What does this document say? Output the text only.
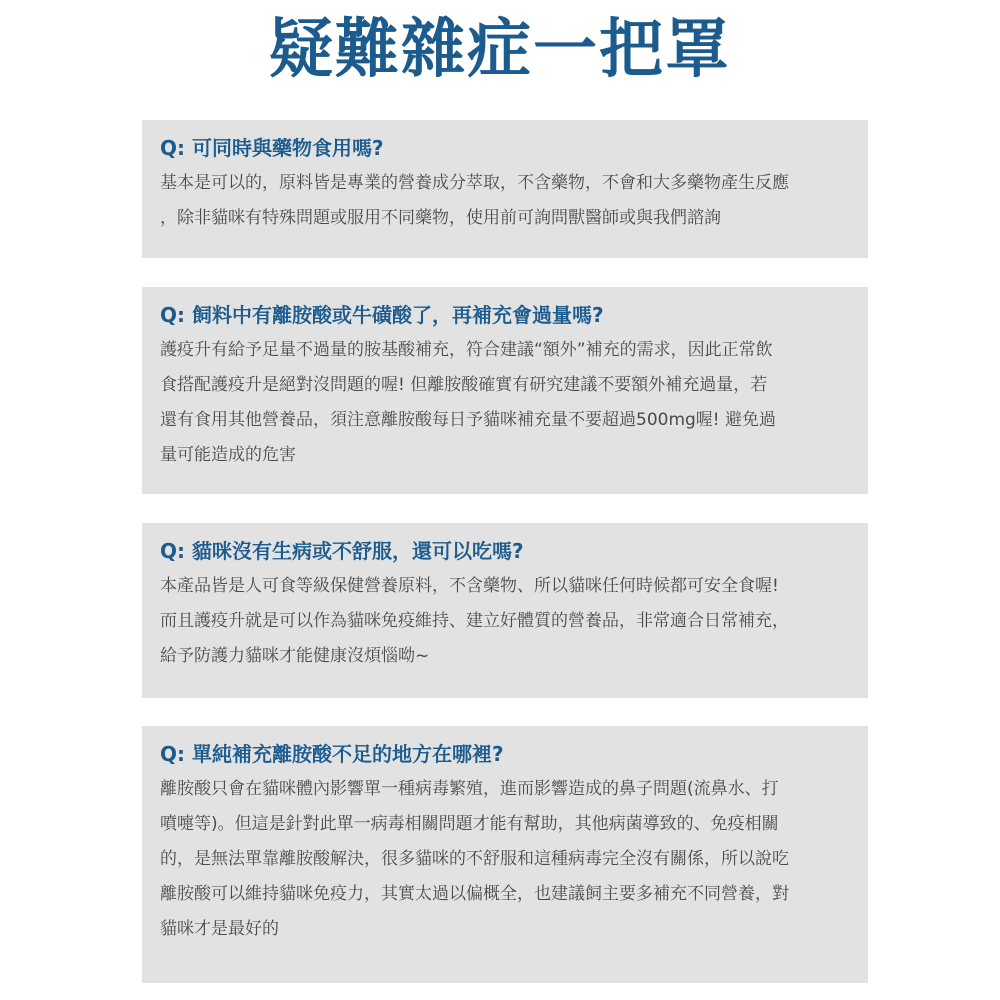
疑難雜症一把罩
Q: 可同時與藥物食用嗎?
基本是可以的，原料皆是專業的營養成分萃取，不含藥物，不會和大多藥物產生反應
，除非貓咪有特殊問題或服用不同藥物，使用前可詢問獸醫師或與我們諮詢
Q: 飼料中有離胺酸或牛磺酸了，再補充會過量嗎?
護疫升有給予足量不過量的胺基酸補充，符合建議“額外”補充的需求，因此正常飲
食搭配護疫升是絕對沒問題的喔! 但離胺酸確實有研究建議不要額外補充過量，若
還有食用其他營養品，須注意離胺酸每日予貓咪補充量不要超過500mg喔! 避免過
量可能造成的危害
Q: 貓咪沒有生病或不舒服，還可以吃嗎?
本產品皆是人可食等級保健營養原料，不含藥物、所以貓咪任何時候都可安全食喔!
而且護疫升就是可以作為貓咪免疫維持、建立好體質的營養品，非常適合日常補充，
給予防護力貓咪才能健康沒煩惱呦~
Q: 單純補充離胺酸不足的地方在哪裡?
離胺酸只會在貓咪體內影響單一種病毒繁殖，進而影響造成的鼻子問題(流鼻水、打
噴嚏等)。但這是針對此單一病毒相關問題才能有幫助，其他病菌導致的、免疫相關
的，是無法單靠離胺酸解決，很多貓咪的不舒服和這種病毒完全沒有關係，所以說吃
離胺酸可以維持貓咪免疫力，其實太過以偏概全，也建議飼主要多補充不同營養，對
貓咪才是最好的
